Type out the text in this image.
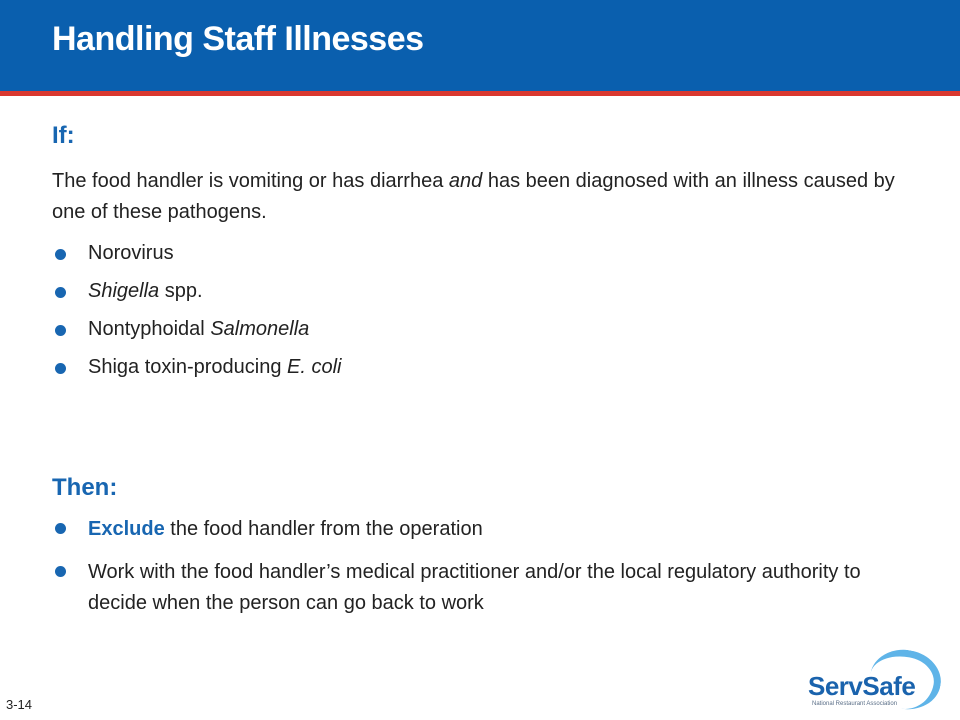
Handling Staff Illnesses
If:
The food handler is vomiting or has diarrhea and has been diagnosed with an illness caused by one of these pathogens.
Norovirus
Shigella spp.
Nontyphoidal Salmonella
Shiga toxin-producing E. coli
Then:
Exclude the food handler from the operation
Work with the food handler’s medical practitioner and/or the local regulatory authority to decide when the person can go back to work
3-14
ServSafe
National Restaurant Association
